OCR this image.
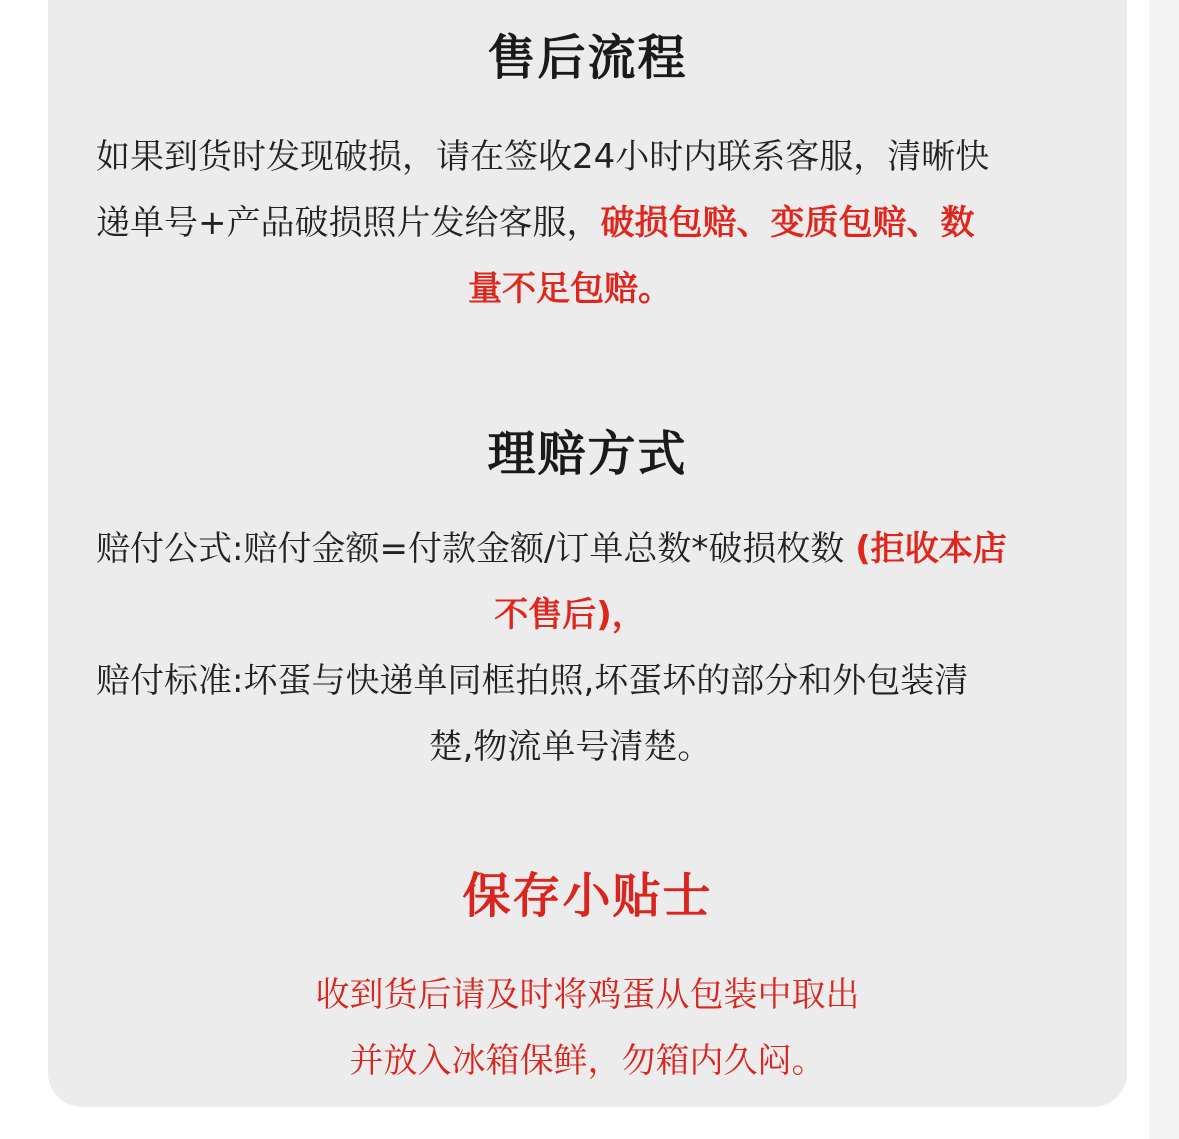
售后流程
如果到货时发现破损，请在签收24小时内联系客服，清晰快
递单号+产品破损照片发给客服，破损包赔、变质包赔、数
量不足包赔。
理赔方式
赔付公式:赔付金额=付款金额/订单总数*破损枚数 (拒收本店
不售后)，
赔付标准:坏蛋与快递单同框拍照,坏蛋坏的部分和外包装清
楚,物流单号清楚。
保存小贴士
收到货后请及时将鸡蛋从包装中取出
并放入冰箱保鲜，勿箱内久闷。
